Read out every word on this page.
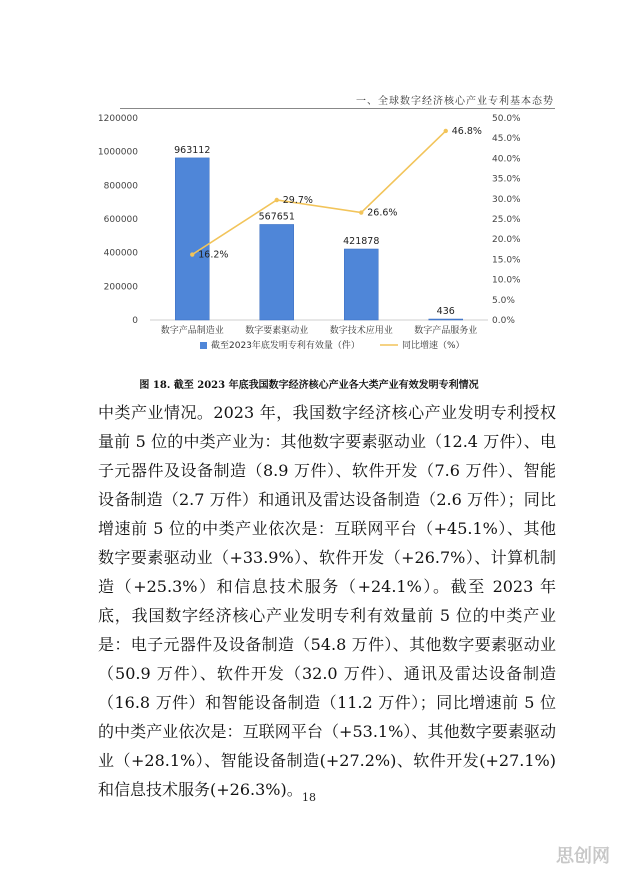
一、全球数字经济核心产业专利基本态势
0
200000
400000
600000
800000
1000000
1200000
0.0%
5.0%
10.0%
15.0%
20.0%
25.0%
30.0%
35.0%
40.0%
45.0%
50.0%
963112
567651
421878
436
数字产品制造业 数字要素驱动业 数字技术应用业 数字产品服务业
16.2%
29.7%
26.6%
46.8%
截至2023年底发明专利有效量（件）	同比增速（%）
图 18. 截至 2023 年底我国数字经济核心产业各大类产业有效发明专利情况

中类产业情况。2023 年，我国数字经济核心产业发明专利授权量前 5 位的中类产业为：其他数字要素驱动业（12.4 万件）、电子元器件及设备制造（8.9 万件）、软件开发（7.6 万件）、智能设备制造（2.7 万件）和通讯及雷达设备制造（2.6 万件）；同比增速前 5 位的中类产业依次是：互联网平台（+45.1%）、其他数字要素驱动业（+33.9%）、软件开发（+26.7%）、计算机制造（+25.3%）和信息技术服务（+24.1%）。截至 2023 年底，我国数字经济核心产业发明专利有效量前 5 位的中类产业是：电子元器件及设备制造（54.8 万件）、其他数字要素驱动业（50.9 万件）、软件开发（32.0 万件）、通讯及雷达设备制造（16.8 万件）和智能设备制造（11.2 万件）；同比增速前 5 位的中类产业依次是：互联网平台（+53.1%）、其他数字要素驱动业（+28.1%）、智能设备制造(+27.2%)、软件开发(+27.1%)和信息技术服务(+26.3%)。 18
思创网
